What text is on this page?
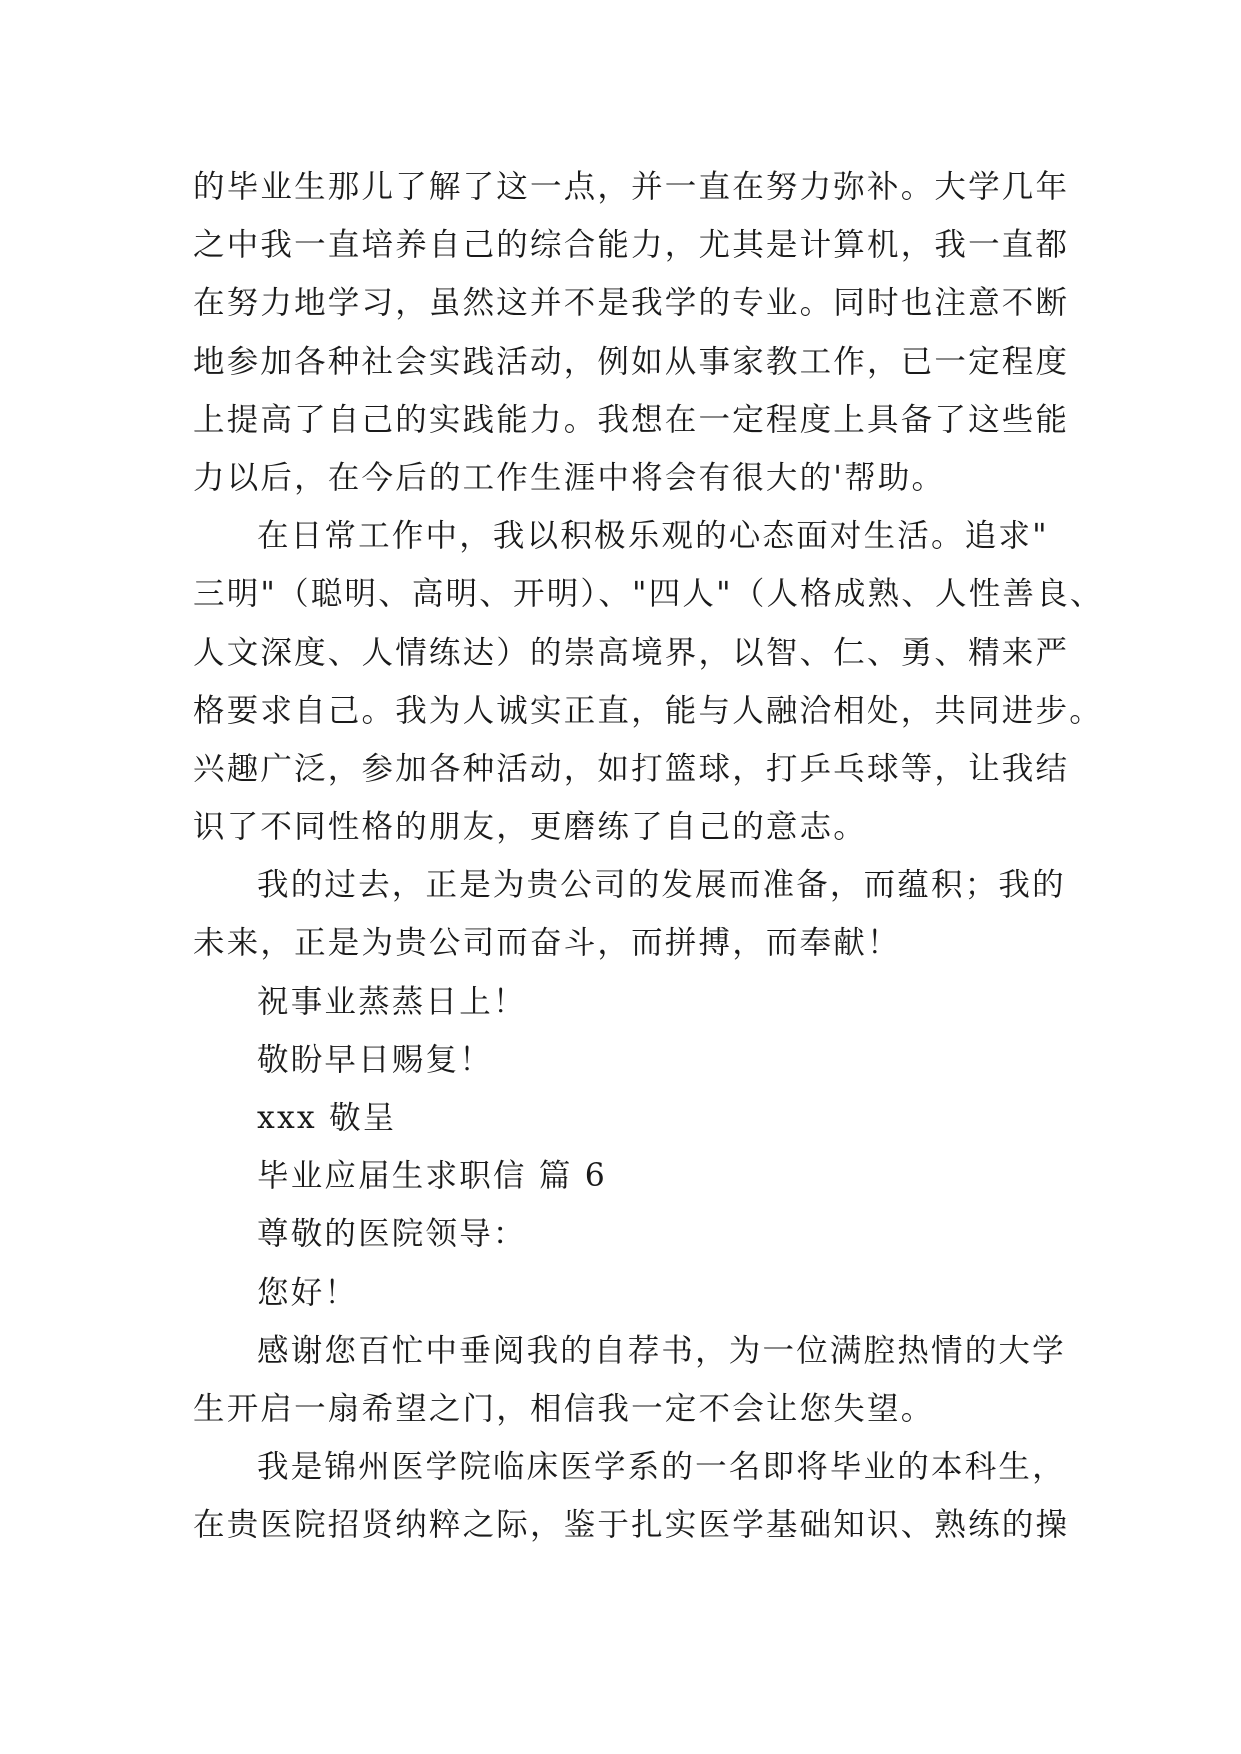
的毕业生那儿了解了这一点，并一直在努力弥补。大学几年
之中我一直培养自己的综合能力，尤其是计算机，我一直都
在努力地学习，虽然这并不是我学的专业。同时也注意不断
地参加各种社会实践活动，例如从事家教工作，已一定程度
上提高了自己的实践能力。我想在一定程度上具备了这些能
力以后，在今后的工作生涯中将会有很大的'帮助。
在日常工作中，我以积极乐观的心态面对生活。追求"
三明"（聪明、高明、开明）、"四人"（人格成熟、人性善良、
人文深度、人情练达）的崇高境界，以智、仁、勇、精来严
格要求自己。我为人诚实正直，能与人融洽相处，共同进步。
兴趣广泛，参加各种活动，如打篮球，打乒乓球等，让我结
识了不同性格的朋友，更磨练了自己的意志。
我的过去，正是为贵公司的发展而准备，而蕴积；我的
未来，正是为贵公司而奋斗，而拼搏，而奉献！
祝事业蒸蒸日上！
敬盼早日赐复！
xxx 敬呈
毕业应届生求职信 篇 6
尊敬的医院领导：
您好！
感谢您百忙中垂阅我的自荐书，为一位满腔热情的大学
生开启一扇希望之门，相信我一定不会让您失望。
我是锦州医学院临床医学系的一名即将毕业的本科生，
在贵医院招贤纳粹之际，鉴于扎实医学基础知识、熟练的操
